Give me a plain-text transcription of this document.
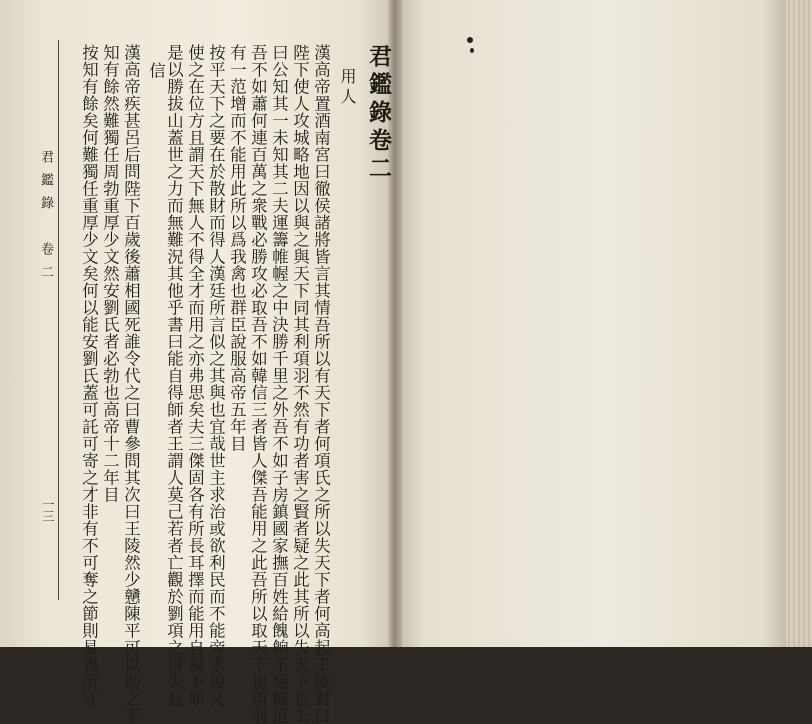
君鑑錄卷二
用人
漢高帝置酒南宮曰徹侯諸將皆言其情吾所以有天下者何項氏之所以失天下者何高起王陵對曰
陛下使人攻城略地因以與之與天下同其利項羽不然有功者害之賢者疑之此其所以失天下也上
曰公知其一未知其二夫運籌帷幄之中決勝千里之外吾不如子房鎮國家撫百姓給餽餉不絕糧道
吾不如蕭何連百萬之衆戰必勝攻必取吾不如韓信三者皆人傑吾能用之此吾所以取天下也項羽
有一范增而不能用此所以爲我禽也群臣說服高帝五年目
按平天下之要在於散財而得人漢廷所言似之其與也宜哉世主求治或欲利民而不能旁求俊乂
使之在位方且謂天下無人不得全才而用之亦弗思矣夫三傑固各有所長耳擇而能用自視不如
是以勝拔山蓋世之力而無難況其他乎書曰能自得師者王謂人莫己若者亡觀於劉項之得失益
信
漢高帝疾甚呂后問陛下百歲後蕭相國死誰令代之曰曹參問其次曰王陵然少戇陳平可以助之平
知有餘然難獨任周勃重厚少文然安劉氏者必勃也高帝十二年目
按知有餘矣何難獨任重厚少文矣何以能安劉氏蓋可託可寄之才非有不可奪之節則易喪所守
君鑑錄　卷二
一三
